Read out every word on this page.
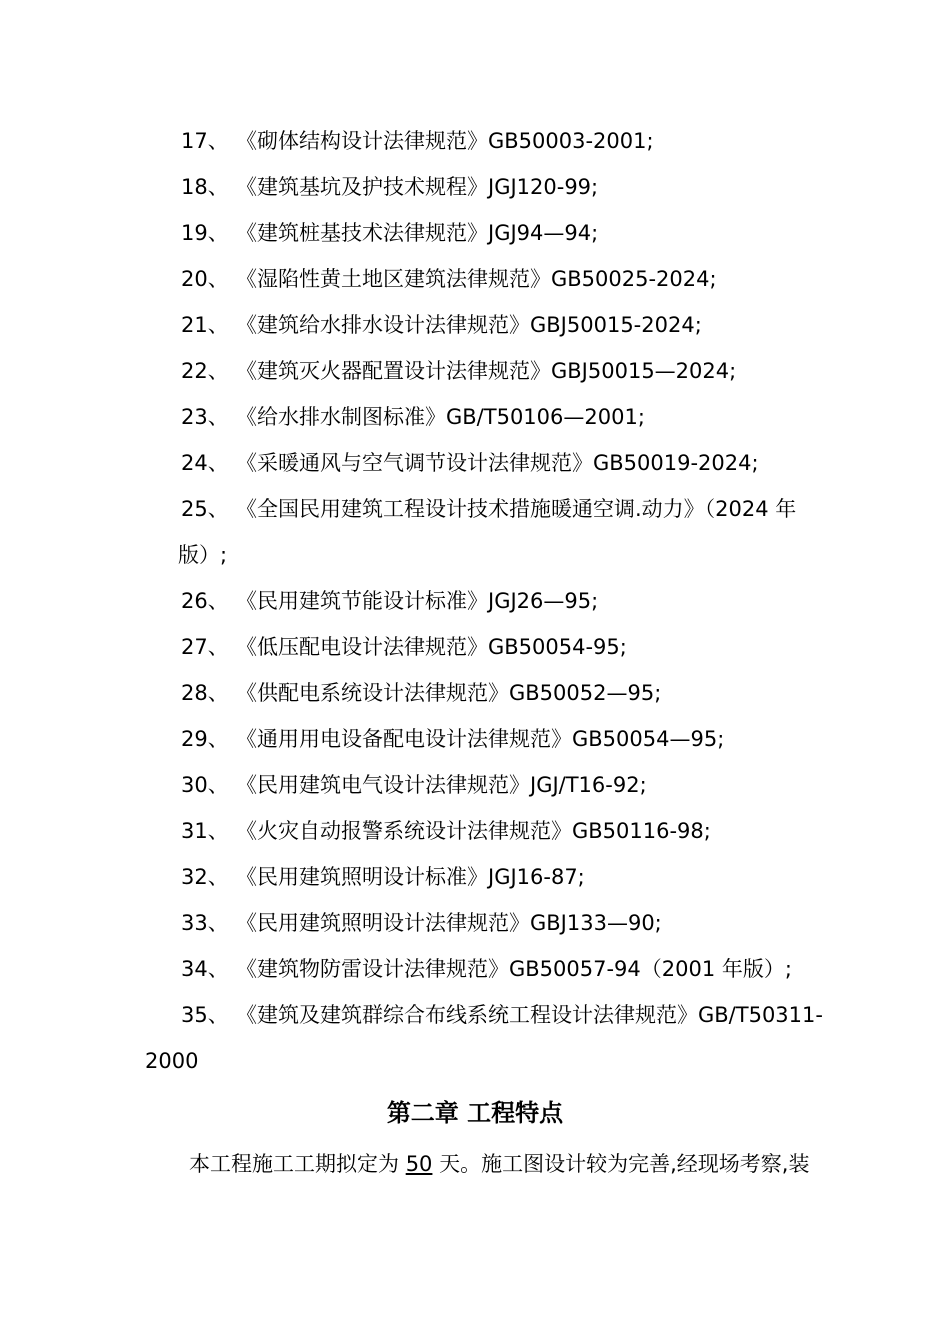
17、 《砌体结构设计法律规范》GB50003-2001;
18、 《建筑基坑及护技术规程》JGJ120-99;
19、 《建筑桩基技术法律规范》JGJ94—94;
20、 《湿陷性黄土地区建筑法律规范》GB50025-2024;
21、 《建筑给水排水设计法律规范》GBJ50015-2024;
22、 《建筑灭火器配置设计法律规范》GBJ50015—2024;
23、 《给水排水制图标准》GB/T50106—2001;
24、 《采暖通风与空气调节设计法律规范》GB50019-2024;
25、 《全国民用建筑工程设计技术措施暖通空调.动力》（2024 年
版）;
26、 《民用建筑节能设计标准》JGJ26—95;
27、 《低压配电设计法律规范》GB50054-95;
28、 《供配电系统设计法律规范》GB50052—95;
29、 《通用用电设备配电设计法律规范》GB50054—95;
30、 《民用建筑电气设计法律规范》JGJ/T16-92;
31、 《火灾自动报警系统设计法律规范》GB50116-98;
32、 《民用建筑照明设计标准》JGJ16-87;
33、 《民用建筑照明设计法律规范》GBJ133—90;
34、 《建筑物防雷设计法律规范》GB50057-94（2001 年版）;
35、 《建筑及建筑群综合布线系统工程设计法律规范》GB/T50311-
2000
第二章 工程特点
本工程施工工期拟定为 50 天。施工图设计较为完善,经现场考察,装
